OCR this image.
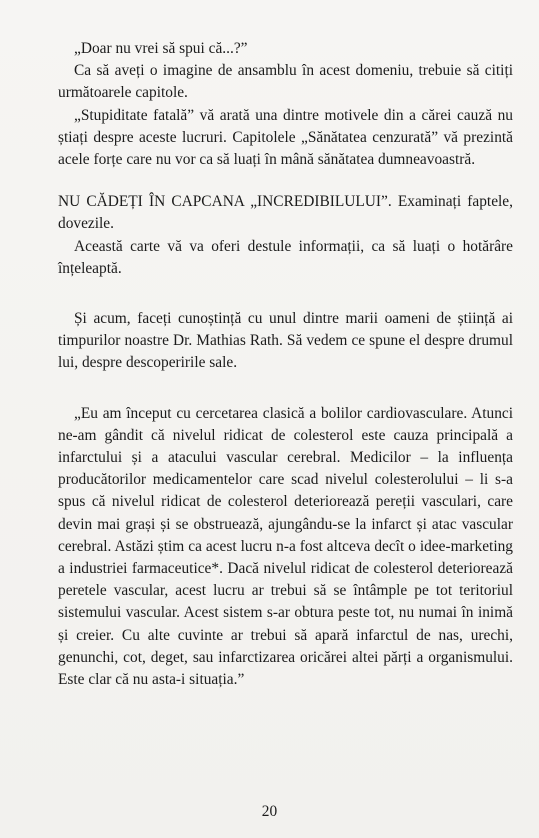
„Doar nu vrei să spui că...?”

Ca să aveți o imagine de ansamblu în acest domeniu, trebuie să citiți următoarele capitole.

„Stupiditate fatală” vă arată una dintre motivele din a cărei cauză nu știați despre aceste lucruri. Capitolele „Sănătatea cenzurată” vă prezintă acele forțe care nu vor ca să luați în mână sănătatea dumneavoastră.

NU CĂDEȚI ÎN CAPCANA „INCREDIBILULUI”. Examinați faptele, dovezile.

Această carte vă va oferi destule informații, ca să luați o hotărâre înțeleaptă.

Și acum, faceți cunoștință cu unul dintre marii oameni de știință ai timpurilor noastre Dr. Mathias Rath. Să vedem ce spune el despre drumul lui, despre descoperirile sale.

„Eu am început cu cercetarea clasică a bolilor cardiovasculare. Atunci ne-am gândit că nivelul ridicat de colesterol este cauza principală a infarctului și a atacului vascular cerebral. Medicilor – la influența producătorilor medicamentelor care scad nivelul colesterolului – li s-a spus că nivelul ridicat de colesterol deteriorează pereții vasculari, care devin mai grași și se obstruează, ajungându-se la infarct și atac vascular cerebral. Astăzi știm ca acest lucru n-a fost altceva decît o idee-marketing a industriei farmaceutice*. Dacă nivelul ridicat de colesterol deteriorează peretele vascular, acest lucru ar trebui să se întâmple pe tot teritoriul sistemului vascular. Acest sistem s-ar obtura peste tot, nu numai în inimă și creier. Cu alte cuvinte ar trebui să apară infarctul de nas, urechi, genunchi, cot, deget, sau infarctizarea oricărei altei părți a organismului. Este clar că nu asta-i situația.”

20
